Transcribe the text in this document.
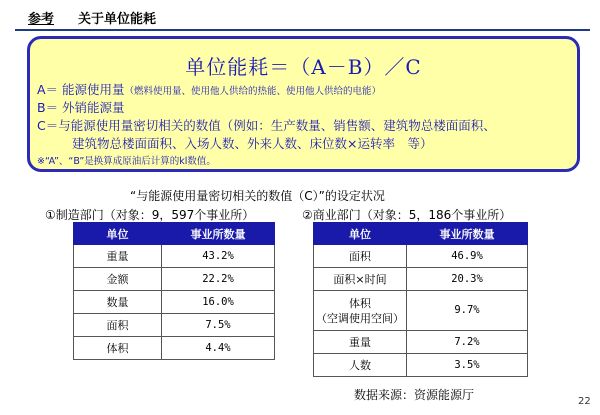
参考 关于单位能耗
单位能耗＝（A－B）／C
A＝ 能源使用量（燃料使用量、使用他人供给的热能、使用他人供给的电能）
B＝ 外销能源量
C＝与能源使用量密切相关的数值（例如：生产数量、销售额、建筑物总楼面面积、
建筑物总楼面面积、入场人数、外来人数、床位数×运转率　等）
※“A”、“B”是换算成原油后计算的kl数值。
“与能源使用量密切相关的数值（C）”的设定状况
①制造部门（对象：9，597个事业所）	②商业部门（对象：5，186个事业所）
单位	事业所数量
重量	43.2%
金额	22.2%
数量	16.0%
面积	7.5%
体积	4.4%
单位	事业所数量
面积	46.9%
面积×时间	20.3%
体积
（空调使用空间）	9.7%
重量	7.2%
人数	3.5%
数据来源：资源能源厅	22
